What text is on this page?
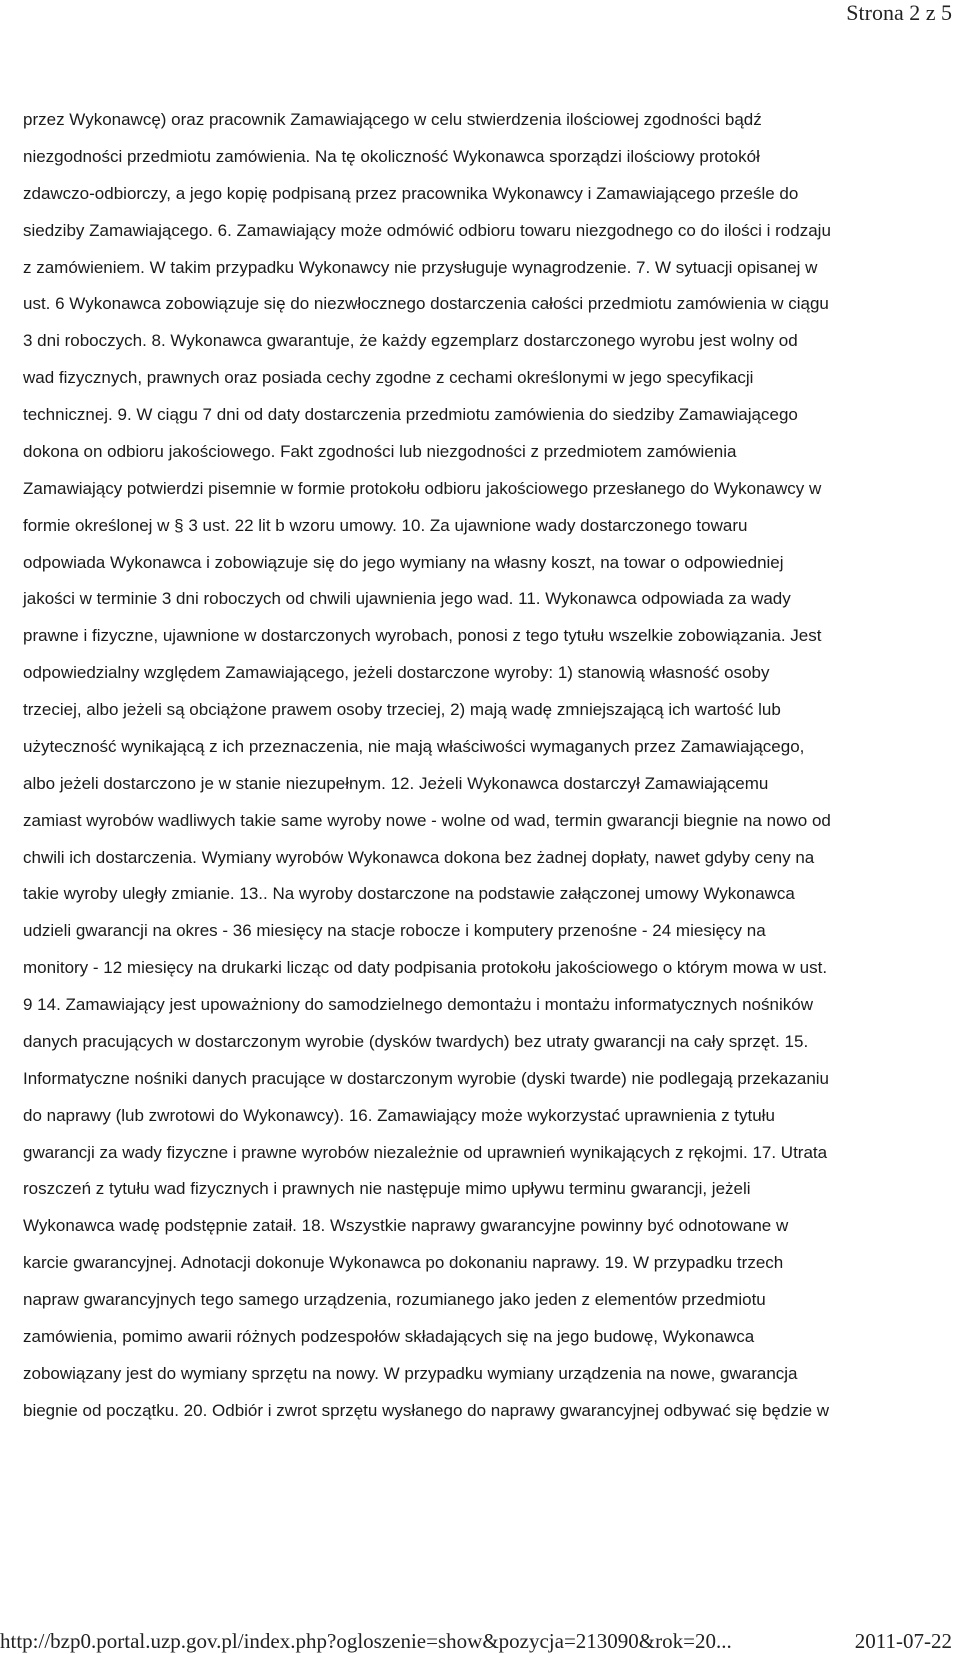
Strona 2 z 5
przez Wykonawcę) oraz pracownik Zamawiającego w celu stwierdzenia ilościowej zgodności bądź
niezgodności przedmiotu zamówienia. Na tę okoliczność Wykonawca sporządzi ilościowy protokół
zdawczo-odbiorczy, a jego kopię podpisaną przez pracownika Wykonawcy i Zamawiającego prześle do
siedziby Zamawiającego. 6. Zamawiający może odmówić odbioru towaru niezgodnego co do ilości i rodzaju
z zamówieniem. W takim przypadku Wykonawcy nie przysługuje wynagrodzenie. 7. W sytuacji opisanej w
ust. 6 Wykonawca zobowiązuje się do niezwłocznego dostarczenia całości przedmiotu zamówienia w ciągu
3 dni roboczych. 8. Wykonawca gwarantuje, że każdy egzemplarz dostarczonego wyrobu jest wolny od
wad fizycznych, prawnych oraz posiada cechy zgodne z cechami określonymi w jego specyfikacji
technicznej. 9. W ciągu 7 dni od daty dostarczenia przedmiotu zamówienia do siedziby Zamawiającego
dokona on odbioru jakościowego. Fakt zgodności lub niezgodności z przedmiotem zamówienia
Zamawiający potwierdzi pisemnie w formie protokołu odbioru jakościowego przesłanego do Wykonawcy w
formie określonej w § 3 ust. 22 lit b wzoru umowy. 10. Za ujawnione wady dostarczonego towaru
odpowiada Wykonawca i zobowiązuje się do jego wymiany na własny koszt, na towar o odpowiedniej
jakości w terminie 3 dni roboczych od chwili ujawnienia jego wad. 11. Wykonawca odpowiada za wady
prawne i fizyczne, ujawnione w dostarczonych wyrobach, ponosi z tego tytułu wszelkie zobowiązania. Jest
odpowiedzialny względem Zamawiającego, jeżeli dostarczone wyroby: 1) stanowią własność osoby
trzeciej, albo jeżeli są obciążone prawem osoby trzeciej, 2) mają wadę zmniejszającą ich wartość lub
użyteczność wynikającą z ich przeznaczenia, nie mają właściwości wymaganych przez Zamawiającego,
albo jeżeli dostarczono je w stanie niezupełnym. 12. Jeżeli Wykonawca dostarczył Zamawiającemu
zamiast wyrobów wadliwych takie same wyroby nowe - wolne od wad, termin gwarancji biegnie na nowo od
chwili ich dostarczenia. Wymiany wyrobów Wykonawca dokona bez żadnej dopłaty, nawet gdyby ceny na
takie wyroby uległy zmianie. 13.. Na wyroby dostarczone na podstawie załączonej umowy Wykonawca
udzieli gwarancji na okres - 36 miesięcy na stacje robocze i komputery przenośne - 24 miesięcy na
monitory - 12 miesięcy na drukarki licząc od daty podpisania protokołu jakościowego o którym mowa w ust.
9 14. Zamawiający jest upoważniony do samodzielnego demontażu i montażu informatycznych nośników
danych pracujących w dostarczonym wyrobie (dysków twardych) bez utraty gwarancji na cały sprzęt. 15.
Informatyczne nośniki danych pracujące w dostarczonym wyrobie (dyski twarde) nie podlegają przekazaniu
do naprawy (lub zwrotowi do Wykonawcy). 16. Zamawiający może wykorzystać uprawnienia z tytułu
gwarancji za wady fizyczne i prawne wyrobów niezależnie od uprawnień wynikających z rękojmi. 17. Utrata
roszczeń z tytułu wad fizycznych i prawnych nie następuje mimo upływu terminu gwarancji, jeżeli
Wykonawca wadę podstępnie zataił. 18. Wszystkie naprawy gwarancyjne powinny być odnotowane w
karcie gwarancyjnej. Adnotacji dokonuje Wykonawca po dokonaniu naprawy. 19. W przypadku trzech
napraw gwarancyjnych tego samego urządzenia, rozumianego jako jeden z elementów przedmiotu
zamówienia, pomimo awarii różnych podzespołów składających się na jego budowę, Wykonawca
zobowiązany jest do wymiany sprzętu na nowy. W przypadku wymiany urządzenia na nowe, gwarancja
biegnie od początku. 20. Odbiór i zwrot sprzętu wysłanego do naprawy gwarancyjnej odbywać się będzie w
http://bzp0.portal.uzp.gov.pl/index.php?ogloszenie=show&pozycja=213090&rok=20...	2011-07-22
